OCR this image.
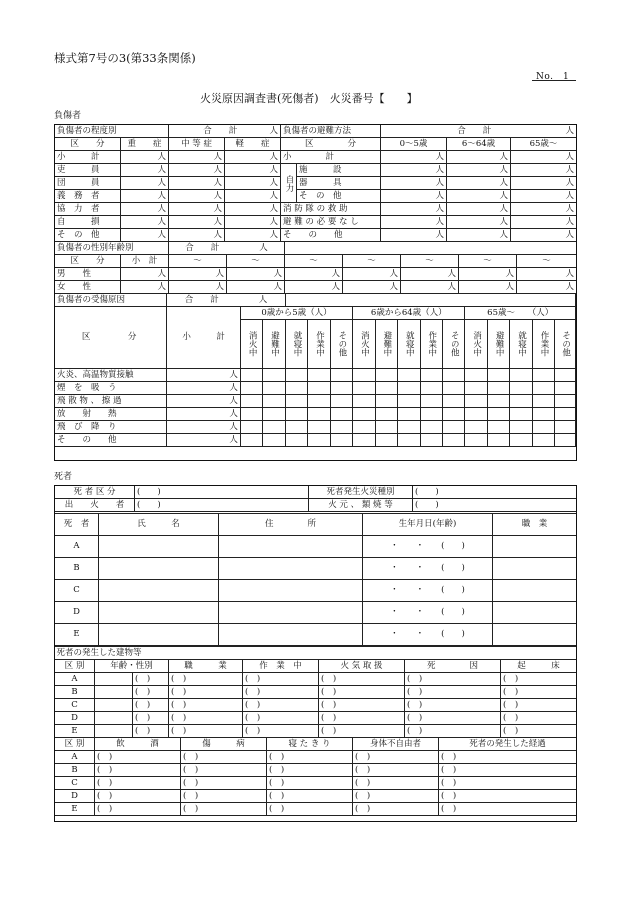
様式第7号の3(第33条関係)
No.　1
火災原因調査書(死傷者)　火災番号【　　】
負傷者
負傷者の程度別		合　　計 人		負傷者の避難方法		合　　計 人		

区　　分	重　　症	中 等 症	軽　　症	区　　　　分		0〜5歳	6〜64歳	65歳〜
小　　　計	人	人	人	小　　　　計		人	人	人
吏　　　員	人	人	人	自力	施　　　設	人	人	人
団　　　員	人	人	人		器　　　具	人	人	人
義　務　者	人	人	人		そ　の　他	人	人	人
協　力　者	人	人	人	消 防 隊 の 救 助		人	人	人
自　　　損	人	人	人	避 難 の 必 要 な し		人	人	人
そ　の　他	人	人	人	そ　　の　　他		人	人	人
負傷者の性別年齢別		合　　計 人						
区　　分	小　計	〜	〜	〜	〜	〜	〜	〜
男　　性	人	人	人	人	人	人	人	人
女　　性	人	人	人	人	人	人	人	人
負傷者の受傷原因	合　　計 人															
区　　　分	小　　　計	0歳から5歳（人）					6歳から64歳（人）					65歳〜　　（人）				
		消火中	避難中	就寝中	作業中	その他	消火中	避難中	就寝中	作業中	その他	消火中	避難中	就寝中	作業中	その他
火炎、高温物質接触	人															
煙　を　吸　う	人															
飛 散 物 、 擦 過	人															
放　　射　　熱	人															
飛　び　降　り	人															
そ　　の　　他	人															
死者
死 者 区 分	(　　)	死者発生火災種別	(　　)
出　　火　　者	(　　)	火 元 、 類 焼 等	(　　)
死　者	氏　　　名	住　　　　所	生年月日(年齢)	職　業
A			・　　・　　(　　)	
B			・　　・　　(　　)	
C			・　　・　　(　　)	
D			・　　・　　(　　)	
E			・　　・　　(　　)	
死者の発生した建物等							
区 別	年齢・性別		職　　　業	作　業　中	火 気 取 扱	死　　　　因	起　　　床
A		(　)	(　)	(　)	(　)	(　)	(　)
B		(　)	(　)	(　)	(　)	(　)	(　)
C		(　)	(　)	(　)	(　)	(　)	(　)
D		(　)	(　)	(　)	(　)	(　)	(　)
E		(　)	(　)	(　)	(　)	(　)	(　)
区 別	飲　　　酒	傷　　　病	寝 た き り	身体不自由者	死者の発生した経過
A	(　)	(　)	(　)	(　)	(　)
B	(　)	(　)	(　)	(　)	(　)
C	(　)	(　)	(　)	(　)	(　)
D	(　)	(　)	(　)	(　)	(　)
E	(　)	(　)	(　)	(　)	(　)
